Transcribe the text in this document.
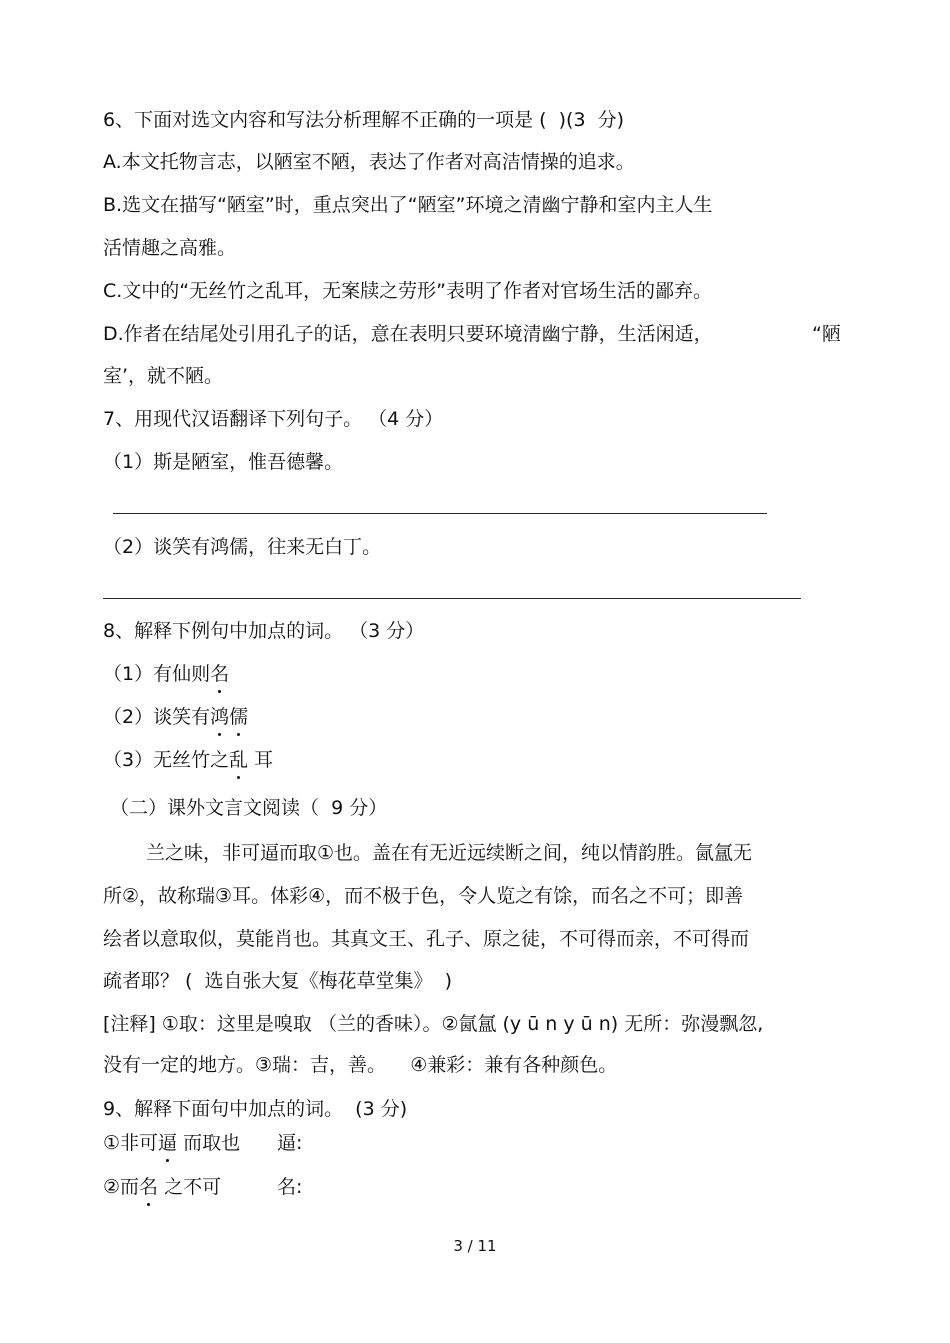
6、下面对选文内容和写法分析理解不正确的一项是 (  )(3  分)
A.本文托物言志，以陋室不陋，表达了作者对高洁情操的追求。
B.选文在描写“陋室”时，重点突出了“陋室”环境之清幽宁静和室内主人生
活情趣之高雅。
C.文中的“无丝竹之乱耳，无案牍之劳形”表明了作者对官场生活的鄙弃。
D.作者在结尾处引用孔子的话，意在表明只要环境清幽宁静，生活闲适，	“陋
室’，就不陋。
7、用现代汉语翻译下列句子。 （4 分）
（1）斯是陋室，惟吾德馨。
（2）谈笑有鸿儒，往来无白丁。
8、解释下例句中加点的词。 （3 分）
（1）有仙则名
（2）谈笑有鸿儒
（3）无丝竹之乱 耳
（二）课外文言文阅读（  9 分）
兰之味，非可逼而取①也。盖在有无近远续断之间，纯以情韵胜。氤氲无
所②，故称瑞③耳。体彩④，而不极于色，令人览之有馀，而名之不可；即善
绘者以意取似，莫能肖也。其真文王、孔子、原之徒，不可得而亲，不可得而
疏者耶？ (  选自张大复《梅花草堂集》  )
[注释] ①取：这里是嗅取 （兰的香味）。②氤氲 (y ū n y ū n) 无所：弥漫飘忽,
没有一定的地方。③瑞：吉，善。    ④兼彩：兼有各种颜色。
9、解释下面句中加点的词。  (3 分)
①非可逼 而取也 逼:
②而名 之不可	名:
3 / 11
